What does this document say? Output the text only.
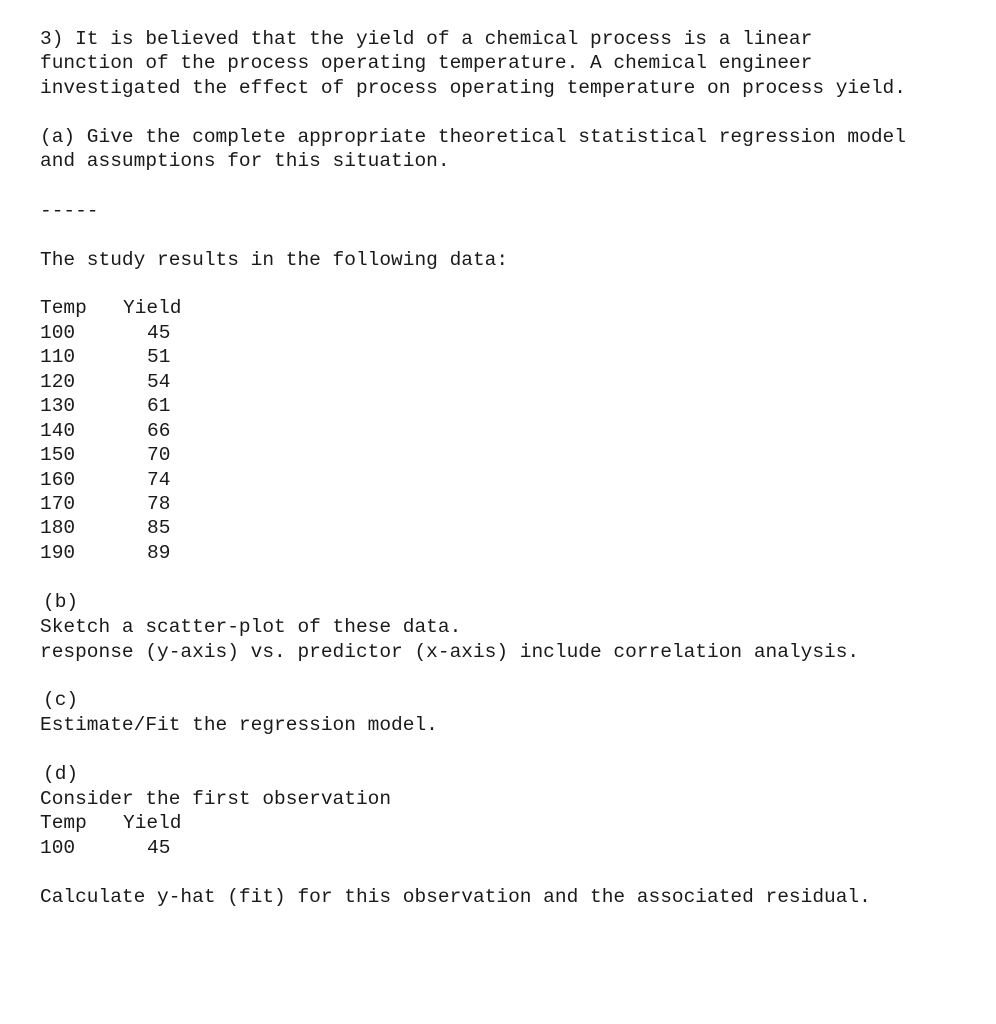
3) It is believed that the yield of a chemical process is a linear
function of the process operating temperature. A chemical engineer
investigated the effect of process operating temperature on process yield.
(a) Give the complete appropriate theoretical statistical regression model
and assumptions for this situation.
-----
The study results in the following data:
Temp Yield
100	45
110	51
120	54
130	61
140	66
150	70
160	74
170	78
180	85
190	89
(b)
Sketch a scatter-plot of these data.
response (y-axis) vs. predictor (x-axis) include correlation analysis.
(c)
Estimate/Fit the regression model.
(d)
Consider the first observation
Temp Yield
100	45
Calculate y-hat (fit) for this observation and the associated residual.
